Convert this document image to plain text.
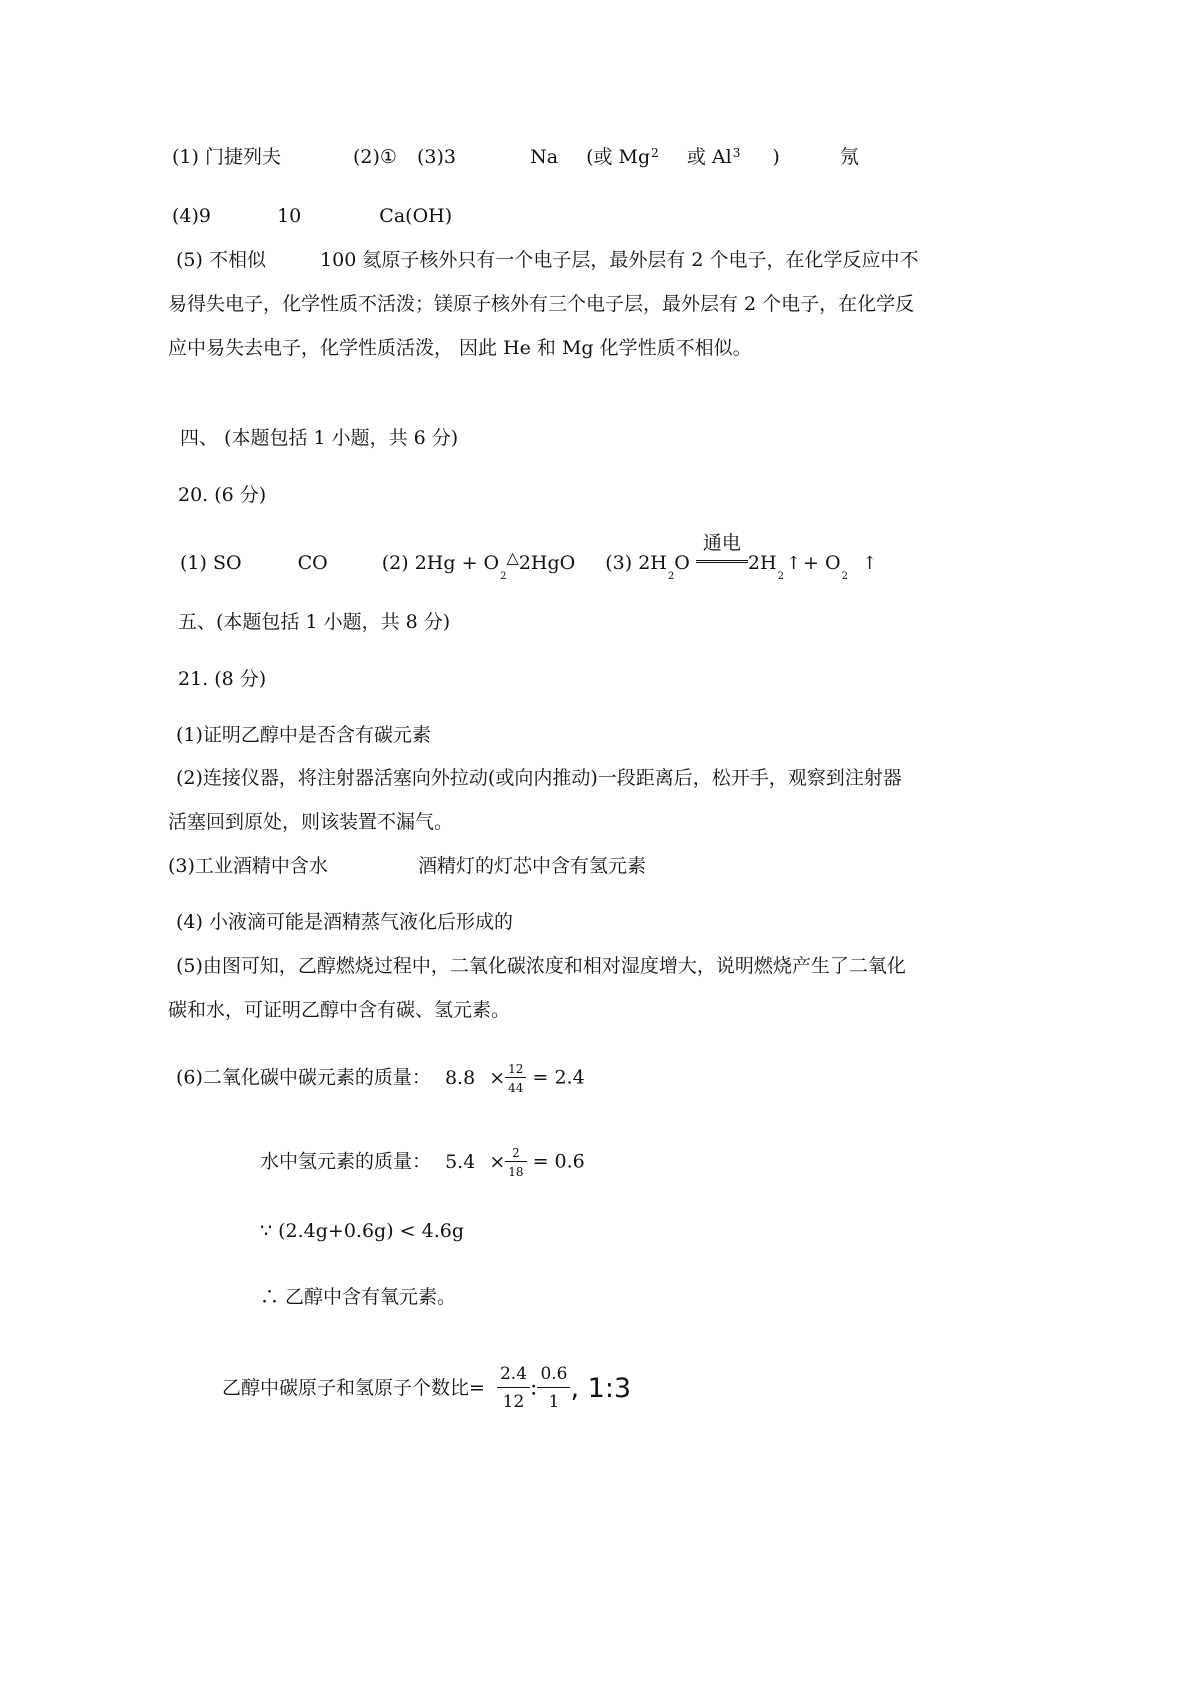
(1) 门捷列夫	(2)① (3)3	Na (或 Mg$^2$ 或 Al$^3$ )	氖
(4)9	10	Ca(OH)
(5) 不相似	100 氦原子核外只有一个电子层，最外层有 2 个电子，在化学反应中不
易得失电子，化学性质不活泼；镁原子核外有三个电子层，最外层有 2 个电子，在化学反
应中易失去电子，化学性质活泼， 因此 He 和 Mg 化学性质不相似。
四、 (本题包括 1 小题，共 6 分)
20. (6 分)
(1) SO	CO	(2) $2Hg + O_2\triangle 2HgO$ (3) $2H_2O$
通电
$2H_2↑$ + $O_2↑$
五、(本题包括 1 小题，共 8 分)
21. (8 分)
(1)证明乙醇中是否含有碳元素
(2)连接仪器，将注射器活塞向外拉动(或向内推动)一段距离后，松开手，观察到注射器
活塞回到原处，则该装置不漏气。
(3)工业酒精中含水	酒精灯的灯芯中含有氢元素
(4) 小液滴可能是酒精蒸气液化后形成的
(5)由图可知，乙醇燃烧过程中，二氧化碳浓度和相对湿度增大，说明燃烧产生了二氧化
碳和水，可证明乙醇中含有碳、氢元素。
(6)二氧化碳中碳元素的质量： $8.8 \times \frac{12}{44} = 2.4$
水中氢元素的质量： $5.4 \times \frac{2}{18} = 0.6$
∵ (2.4g+0.6g) < 4.6g
∴ 乙醇中含有氧元素。
乙醇中碳原子和氢原子个数比= $\frac{2.4}{12}$ : $\frac{0.6}{1}$ , 1:3
